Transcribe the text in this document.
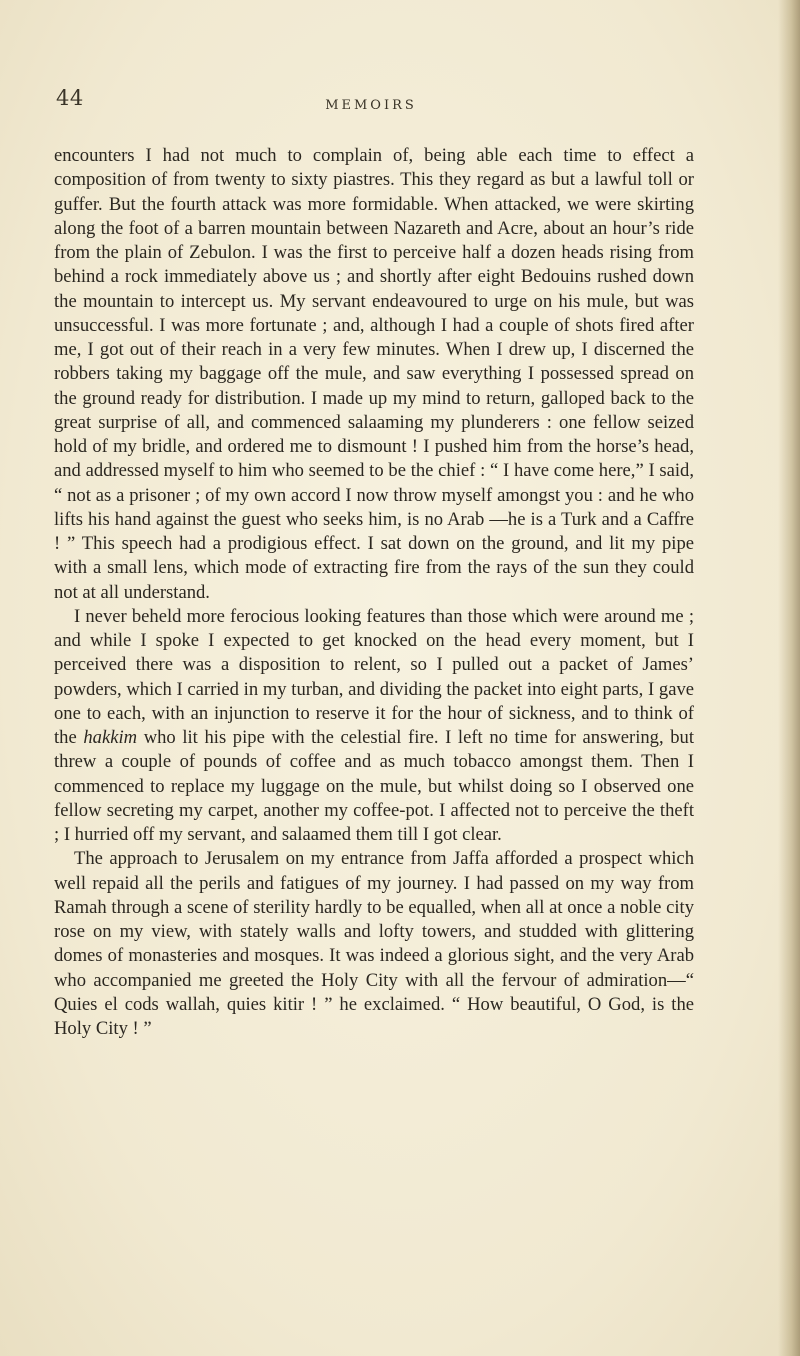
44	MEMOIRS

encounters I had not much to complain of, being able each time to effect a composition of from twenty to sixty piastres. This they regard as but a lawful toll or guffer. But the fourth attack was more formidable. When attacked, we were skirting along the foot of a barren mountain between Nazareth and Acre, about an hour’s ride from the plain of Zebulon. I was the first to perceive half a dozen heads rising from behind a rock immediately above us ; and shortly after eight Bedouins rushed down the mountain to intercept us. My servant endeavoured to urge on his mule, but was unsuccessful. I was more fortunate ; and, although I had a couple of shots fired after me, I got out of their reach in a very few minutes. When I drew up, I discerned the robbers taking my baggage off the mule, and saw everything I possessed spread on the ground ready for distribution. I made up my mind to return, galloped back to the great surprise of all, and commenced salaaming my plunderers : one fellow seized hold of my bridle, and ordered me to dismount ! I pushed him from the horse’s head, and addressed myself to him who seemed to be the chief : “ I have come here,” I said, “ not as a prisoner ; of my own accord I now throw myself amongst you : and he who lifts his hand against the guest who seeks him, is no Arab —he is a Turk and a Caffre ! ” This speech had a prodigious effect. I sat down on the ground, and lit my pipe with a small lens, which mode of extracting fire from the rays of the sun they could not at all understand.

I never beheld more ferocious looking features than those which were around me ; and while I spoke I expected to get knocked on the head every moment, but I perceived there was a disposition to relent, so I pulled out a packet of James’ powders, which I carried in my turban, and dividing the packet into eight parts, I gave one to each, with an injunction to reserve it for the hour of sickness, and to think of the hakkim who lit his pipe with the celestial fire. I left no time for answering, but threw a couple of pounds of coffee and as much tobacco amongst them. Then I commenced to replace my luggage on the mule, but whilst doing so I observed one fellow secreting my carpet, another my coffee-pot. I affected not to perceive the theft ; I hurried off my servant, and salaamed them till I got clear.

The approach to Jerusalem on my entrance from Jaffa afforded a prospect which well repaid all the perils and fatigues of my journey. I had passed on my way from Ramah through a scene of sterility hardly to be equalled, when all at once a noble city rose on my view, with stately walls and lofty towers, and studded with glittering domes of monasteries and mosques. It was indeed a glorious sight, and the very Arab who accompanied me greeted the Holy City with all the fervour of admiration—“ Quies el cods wallah, quies kitir ! ” he exclaimed. “ How beautiful, O God, is the Holy City ! ”
